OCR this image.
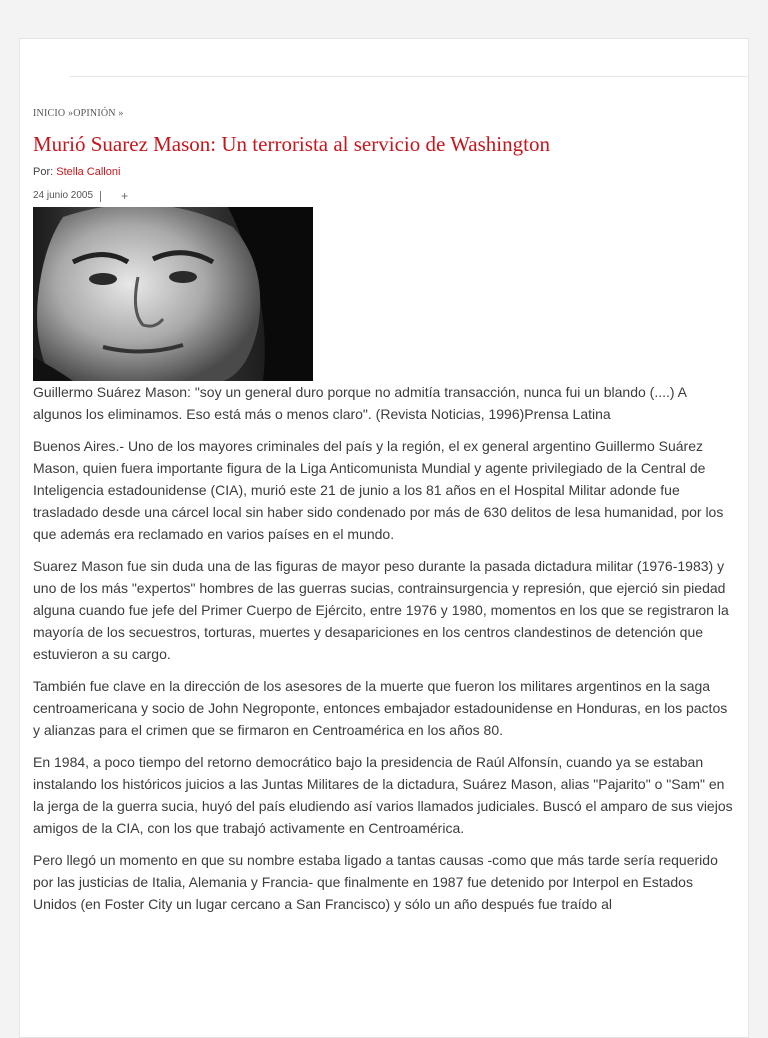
INICIO »OPINIÓN »
Murió Suarez Mason: Un terrorista al servicio de Washington
Por: Stella Calloni
24 junio 2005 +

Guillermo Suárez Mason: "soy un general duro porque no admitía transacción, nunca fui un blando (....) A algunos los eliminamos. Eso está más o menos claro". (Revista Noticias, 1996)Prensa Latina

Buenos Aires.- Uno de los mayores criminales del país y la región, el ex general argentino Guillermo Suárez Mason, quien fuera importante figura de la Liga Anticomunista Mundial y agente privilegiado de la Central de Inteligencia estadounidense (CIA), murió este 21 de junio a los 81 años en el Hospital Militar adonde fue trasladado desde una cárcel local sin haber sido condenado por más de 630 delitos de lesa humanidad, por los que además era reclamado en varios países en el mundo.

Suarez Mason fue sin duda una de las figuras de mayor peso durante la pasada dictadura militar (1976-1983) y uno de los más "expertos" hombres de las guerras sucias, contrainsurgencia y represión, que ejerció sin piedad alguna cuando fue jefe del Primer Cuerpo de Ejército, entre 1976 y 1980, momentos en los que se registraron la mayoría de los secuestros, torturas, muertes y desapariciones en los centros clandestinos de detención que estuvieron a su cargo.

También fue clave en la dirección de los asesores de la muerte que fueron los militares argentinos en la saga centroamericana y socio de John Negroponte, entonces embajador estadounidense en Honduras, en los pactos y alianzas para el crimen que se firmaron en Centroamérica en los años 80.

En 1984, a poco tiempo del retorno democrático bajo la presidencia de Raúl Alfonsín, cuando ya se estaban instalando los históricos juicios a las Juntas Militares de la dictadura, Suárez Mason, alias "Pajarito" o "Sam" en la jerga de la guerra sucia, huyó del país eludiendo así varios llamados judiciales. Buscó el amparo de sus viejos amigos de la CIA, con los que trabajó activamente en Centroamérica.

Pero llegó un momento en que su nombre estaba ligado a tantas causas -como que más tarde sería requerido por las justicias de Italia, Alemania y Francia- que finalmente en 1987 fue detenido por Interpol en Estados Unidos (en Foster City un lugar cercano a San Francisco) y sólo un año después fue traído al
